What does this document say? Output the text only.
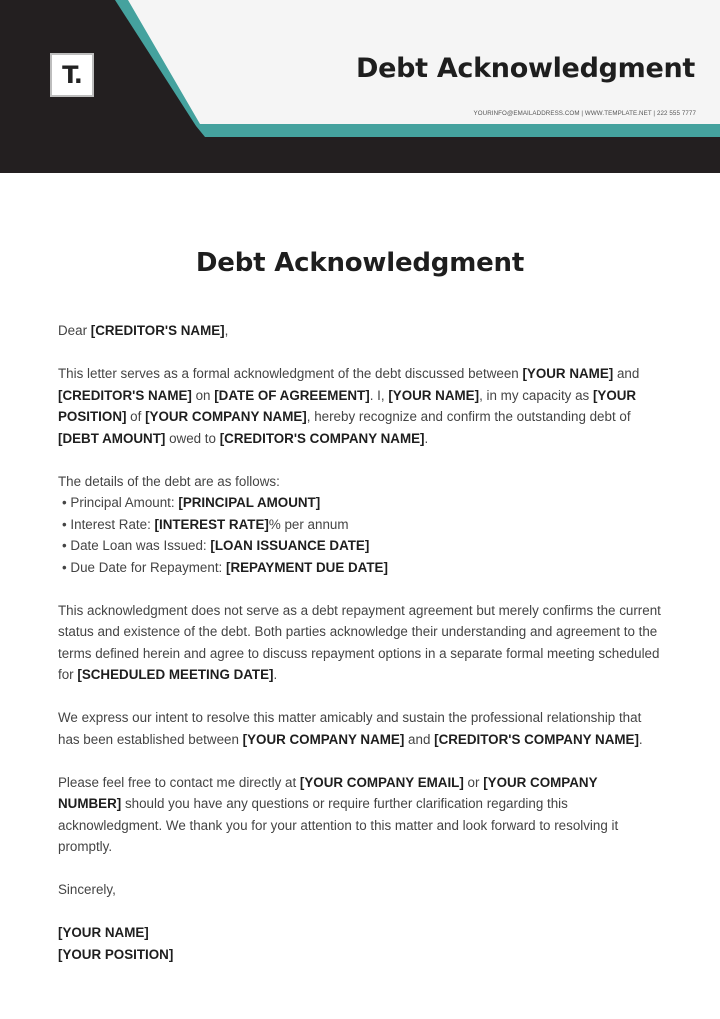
T.	Debt Acknowledgment
YOURINFO@EMAILADDRESS.COM | WWW.TEMPLATE.NET | 222 555 7777
Debt Acknowledgment

Dear [CREDITOR'S NAME],

This letter serves as a formal acknowledgment of the debt discussed between [YOUR NAME] and [CREDITOR'S NAME] on [DATE OF AGREEMENT]. I, [YOUR NAME], in my capacity as [YOUR POSITION] of [YOUR COMPANY NAME], hereby recognize and confirm the outstanding debt of [DEBT AMOUNT] owed to [CREDITOR'S COMPANY NAME].

The details of the debt are as follows:
• Principal Amount: [PRINCIPAL AMOUNT]
• Interest Rate: [INTEREST RATE]% per annum
• Date Loan was Issued: [LOAN ISSUANCE DATE]
• Due Date for Repayment: [REPAYMENT DUE DATE]

This acknowledgment does not serve as a debt repayment agreement but merely confirms the current status and existence of the debt. Both parties acknowledge their understanding and agreement to the terms defined herein and agree to discuss repayment options in a separate formal meeting scheduled for [SCHEDULED MEETING DATE].

We express our intent to resolve this matter amicably and sustain the professional relationship that has been established between [YOUR COMPANY NAME] and [CREDITOR'S COMPANY NAME].

Please feel free to contact me directly at [YOUR COMPANY EMAIL] or [YOUR COMPANY NUMBER] should you have any questions or require further clarification regarding this acknowledgment. We thank you for your attention to this matter and look forward to resolving it promptly.

Sincerely,

[YOUR NAME]

[YOUR POSITION]
